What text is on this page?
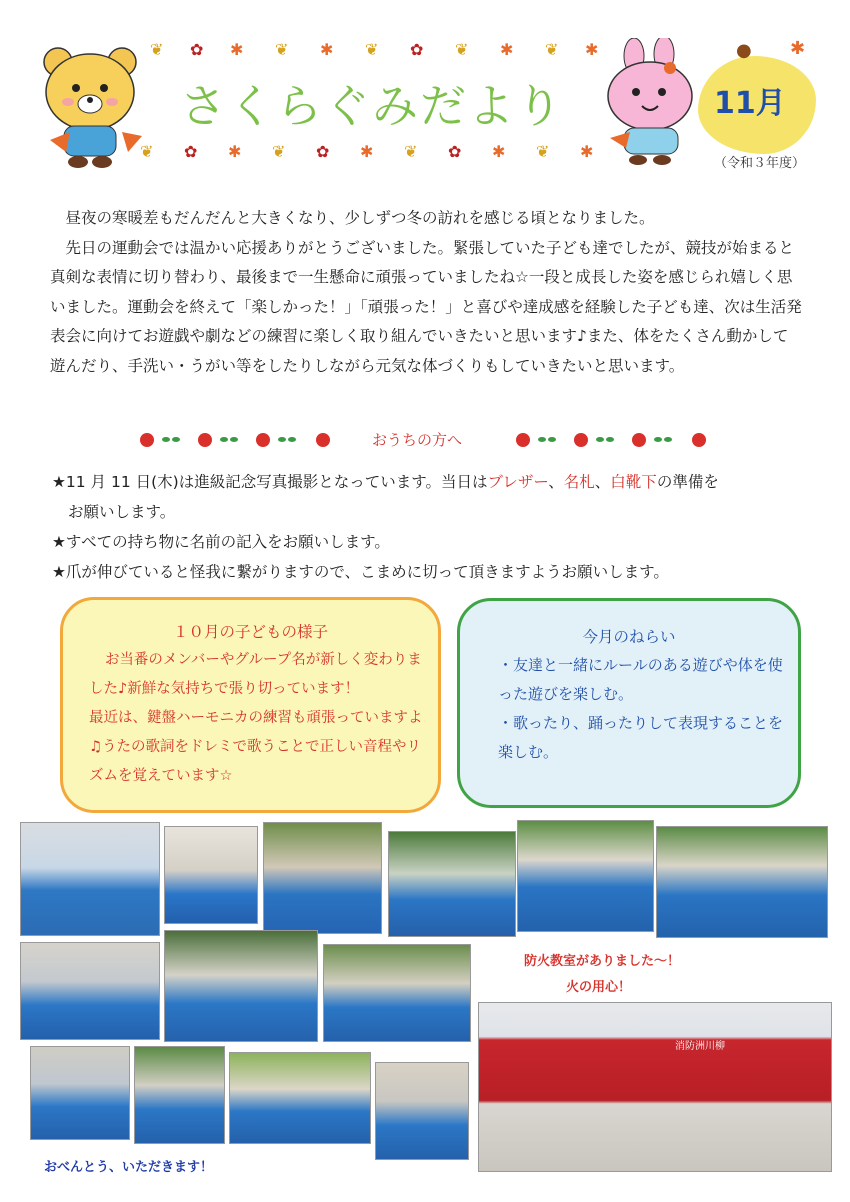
❦ ✿ ✱ ❦ ✱ ❦ ✿ ❦ ✱ ❦ ✱
❦ ✿ ✱ ❦ ✿ ✱ ❦ ✿ ✱ ❦ ✱
さくらぐみだより
● ✱
11月
（令和３年度）

昼夜の寒暖差もだんだんと大きくなり、少しずつ冬の訪れを感じる頃となりました。

先日の運動会では温かい応援ありがとうございました。緊張していた子ども達でしたが、競技が始まると真剣な表情に切り替わり、最後まで一生懸命に頑張っていましたね☆一段と成長した姿を感じられ嬉しく思いました。運動会を終えて「楽しかった！」「頑張った！」と喜びや達成感を経験した子ども達、次は生活発表会に向けてお遊戯や劇などの練習に楽しく取り組んでいきたいと思います♪また、体をたくさん動かして遊んだり、手洗い・うがい等をしたりしながら元気な体づくりもしていきたいと思います。

おうちの方へ
★11 月 11 日(木)は進級記念写真撮影となっています。当日はブレザー、名札、白靴下の準備を
お願いします。
★すべての持ち物に名前の記入をお願いします。
★爪が伸びていると怪我に繋がりますので、こまめに切って頂きますようお願いします。
１０月の子どもの様子

お当番のメンバーやグループ名が新しく変わりました♪新鮮な気持ちで張り切っています！

最近は、鍵盤ハーモニカの練習も頑張っていますよ♫うたの歌詞をドレミで歌うことで正しい音程やリズムを覚えています☆

今月のねらい
・友達と一緒にルールのある遊びや体を使った遊びを楽しむ。
・歌ったり、踊ったりして表現することを楽しむ。
おべんとう、いただきます！
防火教室がありました～！
火の用心！
消防洲川柳
